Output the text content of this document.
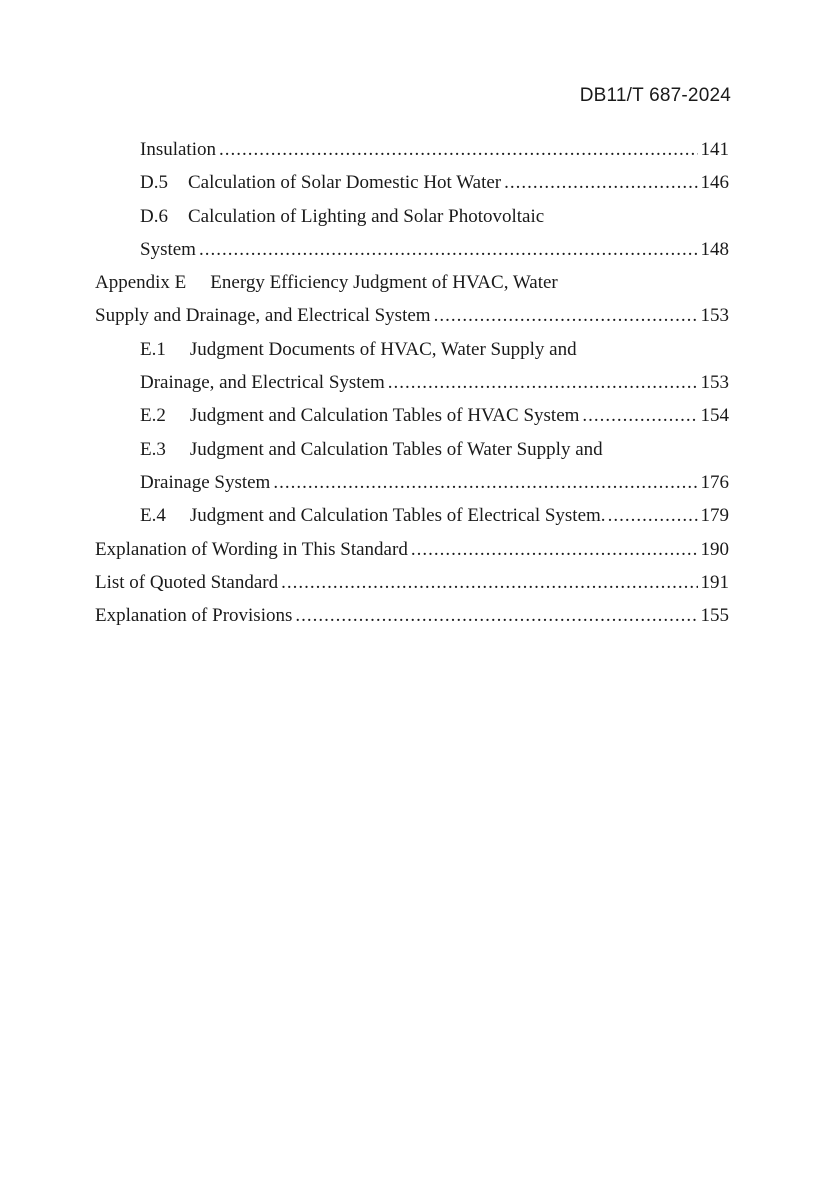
DB11/T 687-2024
Insulation .....	141
D.5 Calculation of Solar Domestic Hot Water .....	146
D.6 Calculation of Lighting and Solar Photovoltaic
System .....	148
Appendix E Energy Efficiency Judgment of HVAC, Water
Supply and Drainage, and Electrical System .....	153
E.1 Judgment Documents of HVAC, Water Supply and
Drainage, and Electrical System .....	153
E.2 Judgment and Calculation Tables of HVAC System .....	154
E.3 Judgment and Calculation Tables of Water Supply and
Drainage System .....	176
E.4 Judgment and Calculation Tables of Electrical System. .....	179
Explanation of Wording in This Standard .....	190
List of Quoted Standard .....	191
Explanation of Provisions .....	155
